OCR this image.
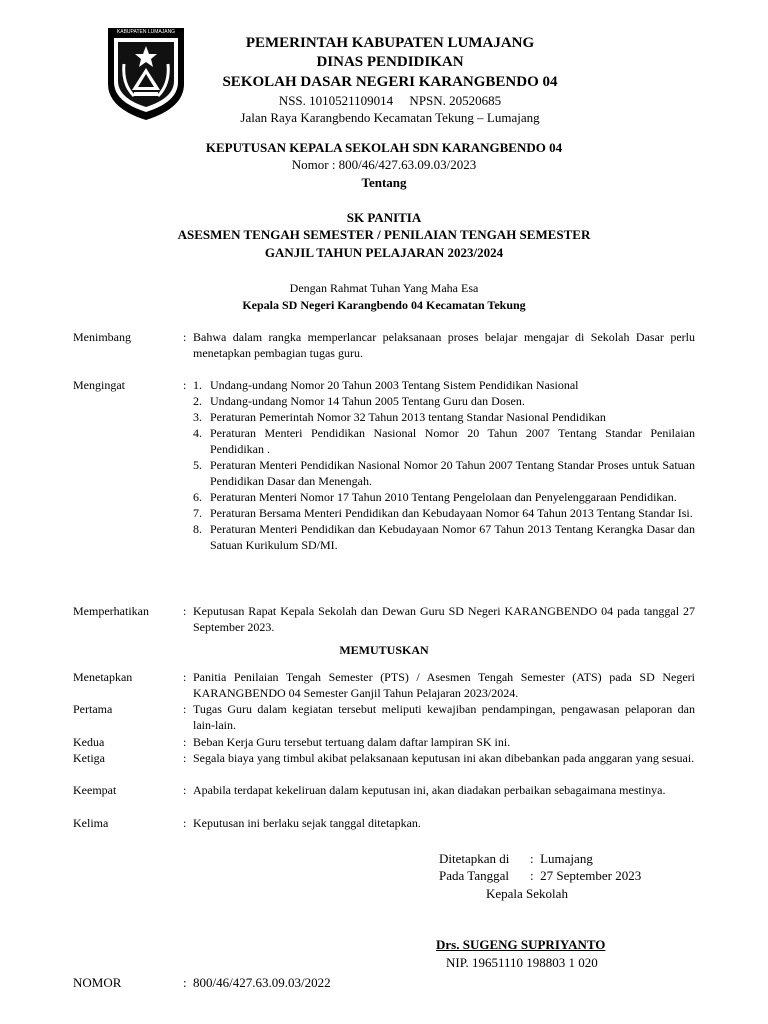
KABUPATEN LUMAJANG
PEMERINTAH KABUPATEN LUMAJANG
DINAS PENDIDIKAN
SEKOLAH DASAR NEGERI KARANGBENDO 04
NSS. 1010521109014     NPSN. 20520685
Jalan Raya Karangbendo Kecamatan Tekung – Lumajang
KEPUTUSAN KEPALA SEKOLAH SDN KARANGBENDO 04
Nomor : 800/46/427.63.09.03/2023
Tentang
SK PANITIA
ASESMEN TENGAH SEMESTER / PENILAIAN TENGAH SEMESTER
GANJIL TAHUN PELAJARAN 2023/2024
Dengan Rahmat Tuhan Yang Maha Esa
Kepala SD Negeri Karangbendo 04 Kecamatan Tekung
Menimbang	: Bahwa dalam rangka memperlancar pelaksanaan proses belajar mengajar di Sekolah Dasar perlu menetapkan pembagian tugas guru.
Mengingat	: 1. Undang-undang Nomor 20 Tahun 2003 Tentang Sistem Pendidikan Nasional
2. Undang-undang Nomor 14 Tahun 2005 Tentang Guru dan Dosen.
3. Peraturan Pemerintah Nomor 32 Tahun 2013 tentang Standar Nasional Pendidikan
4. Peraturan Menteri Pendidikan Nasional Nomor 20 Tahun 2007 Tentang Standar Penilaian Pendidikan .
5. Peraturan Menteri Pendidikan Nasional Nomor 20 Tahun 2007 Tentang Standar Proses untuk Satuan Pendidikan Dasar dan Menengah.
6. Peraturan Menteri Nomor 17 Tahun 2010 Tentang Pengelolaan dan Penyelenggaraan Pendidikan.
7. Peraturan Bersama Menteri Pendidikan dan Kebudayaan Nomor 64 Tahun 2013 Tentang Standar Isi.
8. Peraturan Menteri Pendidikan dan Kebudayaan Nomor 67 Tahun 2013 Tentang Kerangka Dasar dan Satuan Kurikulum SD/MI.
Memperhatikan	: Keputusan Rapat Kepala Sekolah dan Dewan Guru SD Negeri KARANGBENDO 04 pada tanggal 27 September 2023.
MEMUTUSKAN
Menetapkan	: Panitia Penilaian Tengah Semester (PTS) / Asesmen Tengah Semester (ATS) pada SD Negeri KARANGBENDO 04 Semester Ganjil Tahun Pelajaran 2023/2024.
Pertama	: Tugas Guru dalam kegiatan tersebut meliputi kewajiban pendampingan, pengawasan pelaporan dan lain-lain.
Kedua	: Beban Kerja Guru tersebut tertuang dalam daftar lampiran SK ini.
Ketiga	: Segala biaya yang timbul akibat pelaksanaan keputusan ini akan dibebankan pada anggaran yang sesuai.
Keempat	: Apabila terdapat kekeliruan dalam keputusan ini, akan diadakan perbaikan sebagaimana mestinya.
Kelima	: Keputusan ini berlaku sejak tanggal ditetapkan.
Ditetapkan di :  Lumajang
Pada Tanggal :  27 September 2023
Kepala Sekolah
Drs. SUGENG SUPRIYANTO
NIP. 19651110 198803 1 020
NOMOR	: 800/46/427.63.09.03/2022
